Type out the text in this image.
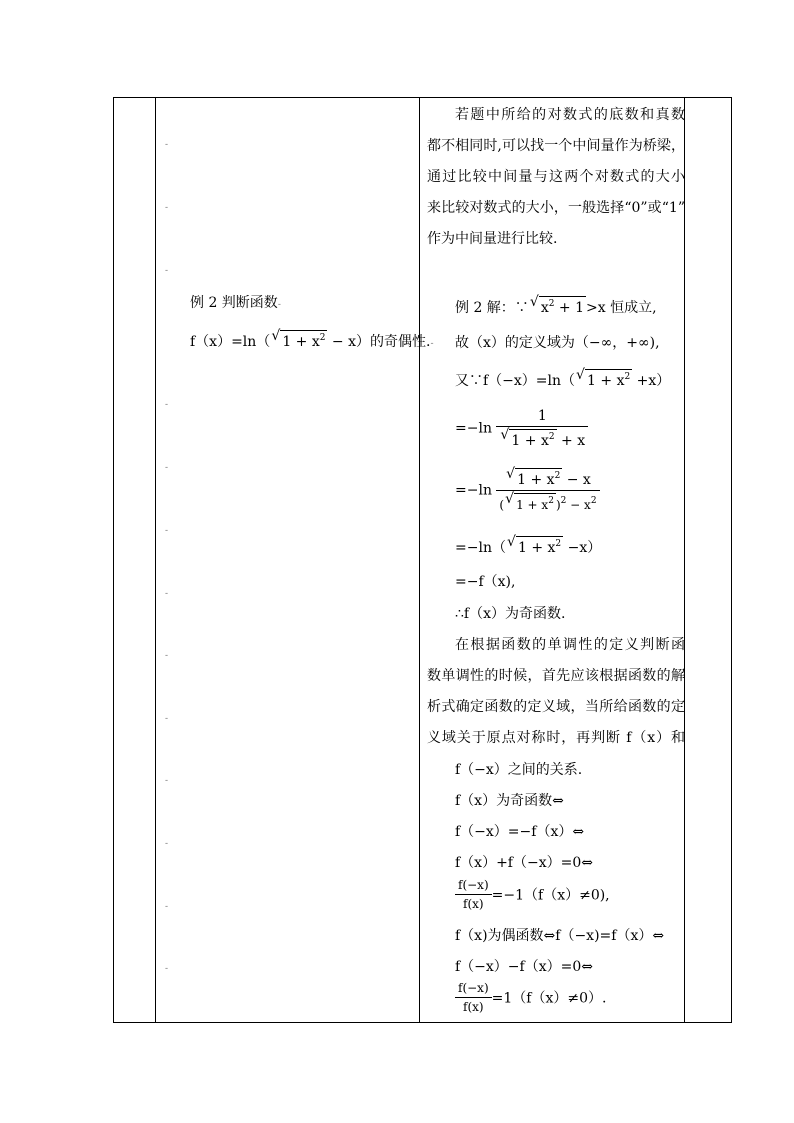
-
-
-
-
-
-
-
-
-
-
-
-
-
例 2 判断函数-
f（x）=ln（ √ $1 + x^2 - x$）的奇偶性.-
若题中所给的对数式的底数和真数
都不相同时,可以找一个中间量作为桥梁，
通过比较中间量与这两个对数式的大小
来比较对数式的大小，一般选择“0”或“1”
作为中间量进行比较.
例 2 解：∵ √ $x^2 + 1 >x$ 恒成立,
故（x）的定义域为（−∞，+∞),
又∵f（−x）=ln（ √ $1 + x^2 +x$）
=−ln 1
√ $1 + x^2 + x$
=−ln √ $\frac{1 + x^2 - x}{( √ 1 + x^2 )^2 - x^2}$
=−ln（ √ $1 + x^2 -x$）
=−f（x),
∴f（x）为奇函数.
在根据函数的单调性的定义判断函
数单调性的时候，首先应该根据函数的解
析式确定函数的定义域，当所给函数的定
义域关于原点对称时，再判断 f（x）和
f（−x）之间的关系.
f（x）为奇函数⇔
f（−x）=−f（x）⇔
f（x）+f（−x）=0⇔
$\frac{f(-x)}{f(x)} =-1(f(x)\ne 0)$,
f（x)为偶函数⇔f（−x)=f（x）⇔
f（−x）−f（x）=0⇔
$\frac{f(-x)}{f(x)} =1(f(x)\ne 0)$.
